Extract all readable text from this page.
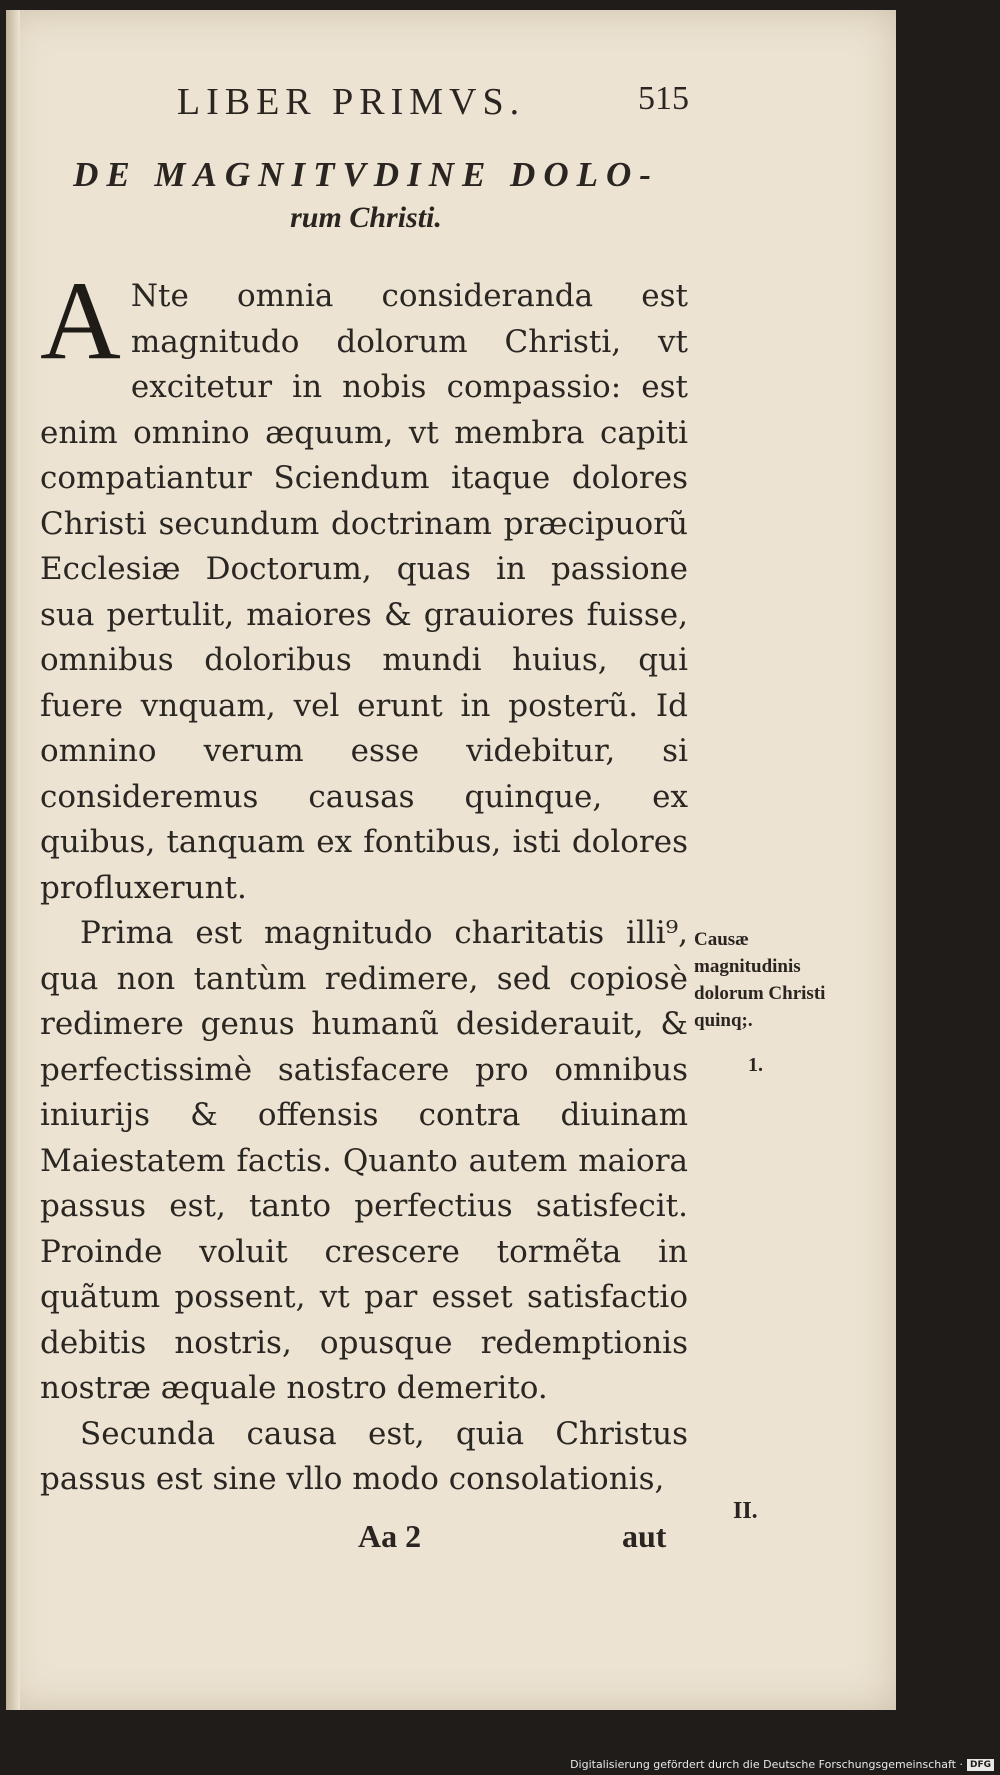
LIBER PRIMVS.	515
DE MAGNITVDINE DOLO-
rum Christi.

A Nte omnia consideranda est magnitudo dolorum Christi, vt excitetur in nobis compassio: est enim omnino æquum, vt membra capiti compatiantur Sciendum itaque dolores Christi secundum doctrinam præcipuorũ Ecclesiæ Doctorum, quas in passione sua pertulit, maiores & grauiores fuisse, omnibus doloribus mundi huius, qui fuere vnquam, vel erunt in posterũ. Id omnino verum esse videbitur, si consideremus causas quinque, ex quibus, tanquam ex fontibus, isti dolores profluxerunt.

Prima est magnitudo charitatis illi⁹, qua non tantùm redimere, sed copiosè redimere genus humanũ desiderauit, & perfectissimè satisfacere pro omnibus iniurijs & offensis contra diuinam Maiestatem factis. Quanto autem maiora passus est, tanto perfectius satisfecit. Proinde voluit crescere tormẽta in quãtum possent, vt par esset satisfactio debitis nostris, opusque redemptionis nostræ æquale nostro demerito.

Secunda causa est, quia Christus passus est sine vllo modo consolationis,

Causæ magnitudinis dolorum Christi quinq;.
1.
II.
Aa 2	aut
Digitalisierung gefördert durch die Deutsche Forschungsgemeinschaft · DFG
